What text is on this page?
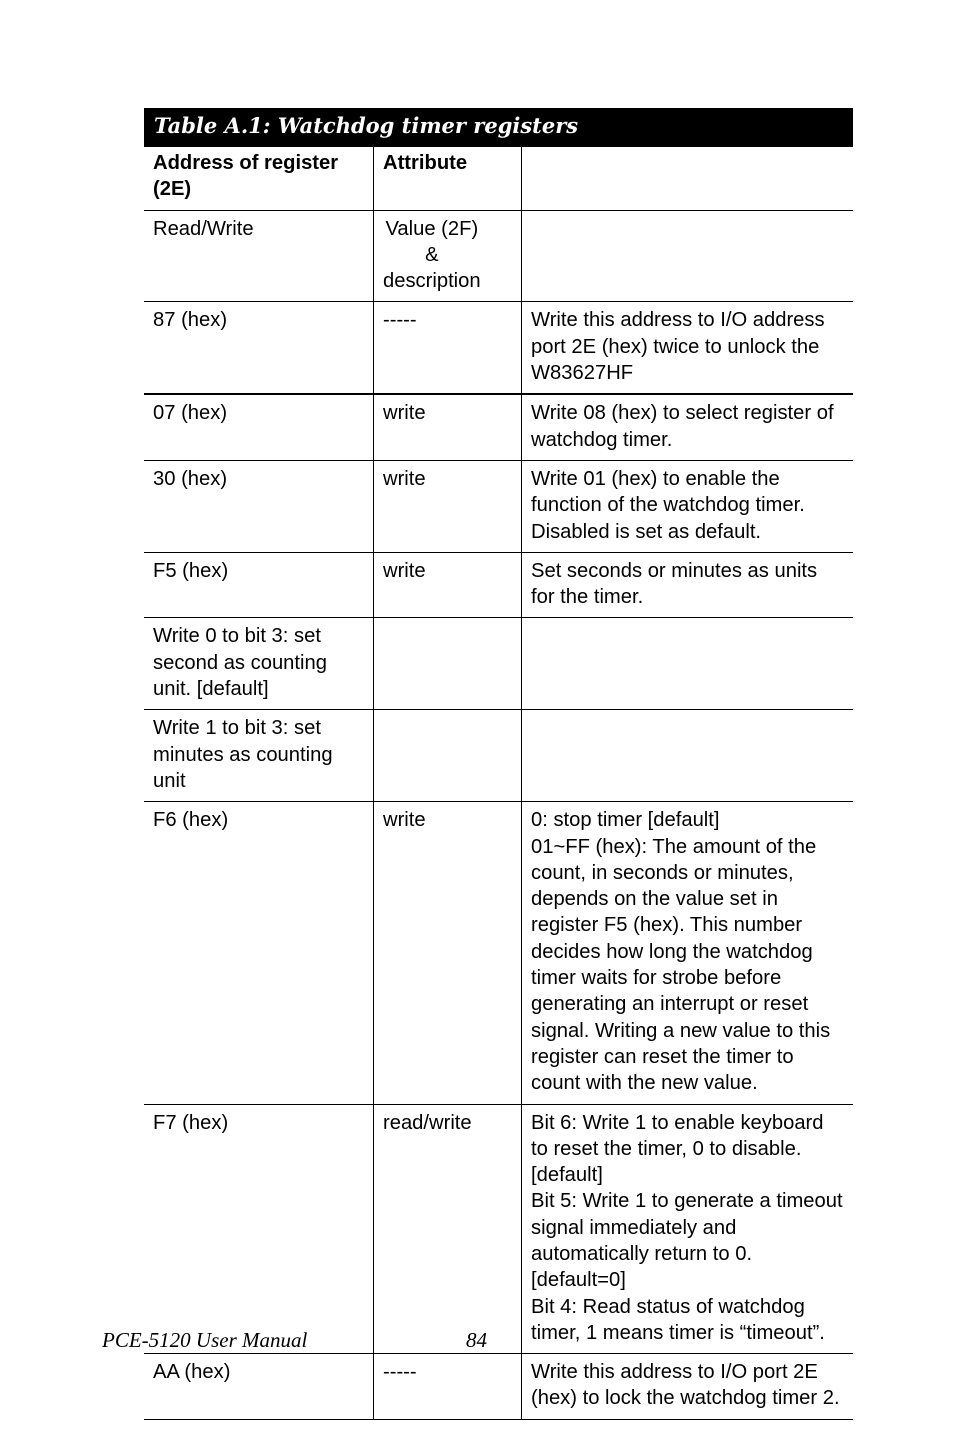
Table A.1: Watchdog timer registers
Address of register (2E)	Attribute	
Read/Write	Value (2F)
&
description	
87 (hex)	-----	Write this address to I/O address port 2E (hex) twice to unlock the W83627HF
07 (hex)	write	Write 08 (hex) to select register of watchdog timer.
30 (hex)	write	Write 01 (hex) to enable the function of the watchdog timer. Disabled is set as default.
F5 (hex)	write	Set seconds or minutes as units for the timer.
Write 0 to bit 3: set second as counting unit. [default]		
Write 1 to bit 3: set minutes as counting unit		
F6 (hex)	write	0: stop timer [default]
01~FF (hex): The amount of the count, in seconds or minutes, depends on the value set in register F5 (hex). This number decides how long the watchdog timer waits for strobe before generating an interrupt or reset signal. Writing a new value to this register can reset the timer to count with the new value.
F7 (hex)	read/write	Bit 6: Write 1 to enable keyboard to reset the timer, 0 to disable.[default]
Bit 5: Write 1 to generate a timeout signal immediately and automatically return to 0. [default=0]
Bit 4: Read status of watchdog timer, 1 means timer is “timeout”.
AA (hex)	-----	Write this address to I/O port 2E (hex) to lock the watchdog timer 2.
PCE-5120 User Manual	84
